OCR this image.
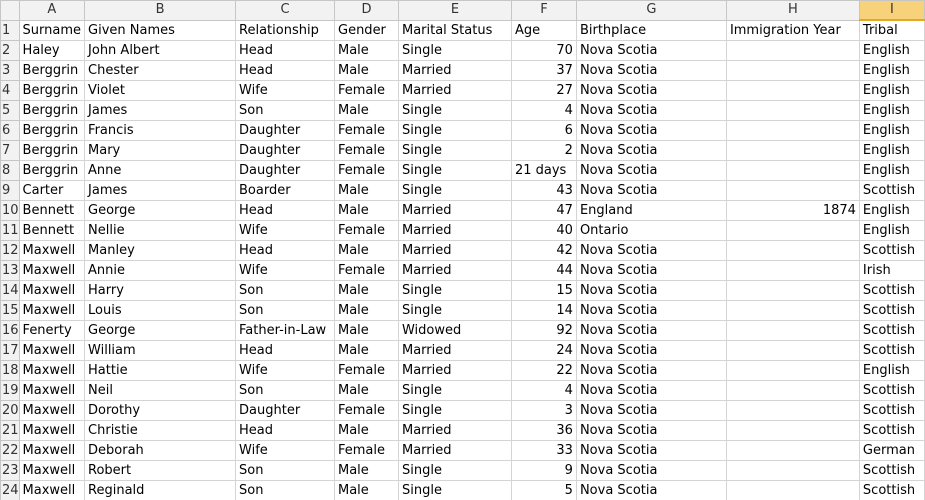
	A	B	C	D	E	F	G	H	I
1	Surname	Given Names	Relationship	Gender	Marital Status	Age	Birthplace	Immigration Year	Tribal
2	Haley	John Albert	Head	Male	Single	70	Nova Scotia		English
3	Berggrin	Chester	Head	Male	Married	37	Nova Scotia		English
4	Berggrin	Violet	Wife	Female	Married	27	Nova Scotia		English
5	Berggrin	James	Son	Male	Single	4	Nova Scotia		English
6	Berggrin	Francis	Daughter	Female	Single	6	Nova Scotia		English
7	Berggrin	Mary	Daughter	Female	Single	2	Nova Scotia		English
8	Berggrin	Anne	Daughter	Female	Single	21 days	Nova Scotia		English
9	Carter	James	Boarder	Male	Single	43	Nova Scotia		Scottish
10	Bennett	George	Head	Male	Married	47	England	1874	English
11	Bennett	Nellie	Wife	Female	Married	40	Ontario		English
12	Maxwell	Manley	Head	Male	Married	42	Nova Scotia		Scottish
13	Maxwell	Annie	Wife	Female	Married	44	Nova Scotia		Irish
14	Maxwell	Harry	Son	Male	Single	15	Nova Scotia		Scottish
15	Maxwell	Louis	Son	Male	Single	14	Nova Scotia		Scottish
16	Fenerty	George	Father-in-Law	Male	Widowed	92	Nova Scotia		Scottish
17	Maxwell	William	Head	Male	Married	24	Nova Scotia		Scottish
18	Maxwell	Hattie	Wife	Female	Married	22	Nova Scotia		English
19	Maxwell	Neil	Son	Male	Single	4	Nova Scotia		Scottish
20	Maxwell	Dorothy	Daughter	Female	Single	3	Nova Scotia		Scottish
21	Maxwell	Christie	Head	Male	Married	36	Nova Scotia		Scottish
22	Maxwell	Deborah	Wife	Female	Married	33	Nova Scotia		German
23	Maxwell	Robert	Son	Male	Single	9	Nova Scotia		Scottish
24	Maxwell	Reginald	Son	Male	Single	5	Nova Scotia		Scottish
